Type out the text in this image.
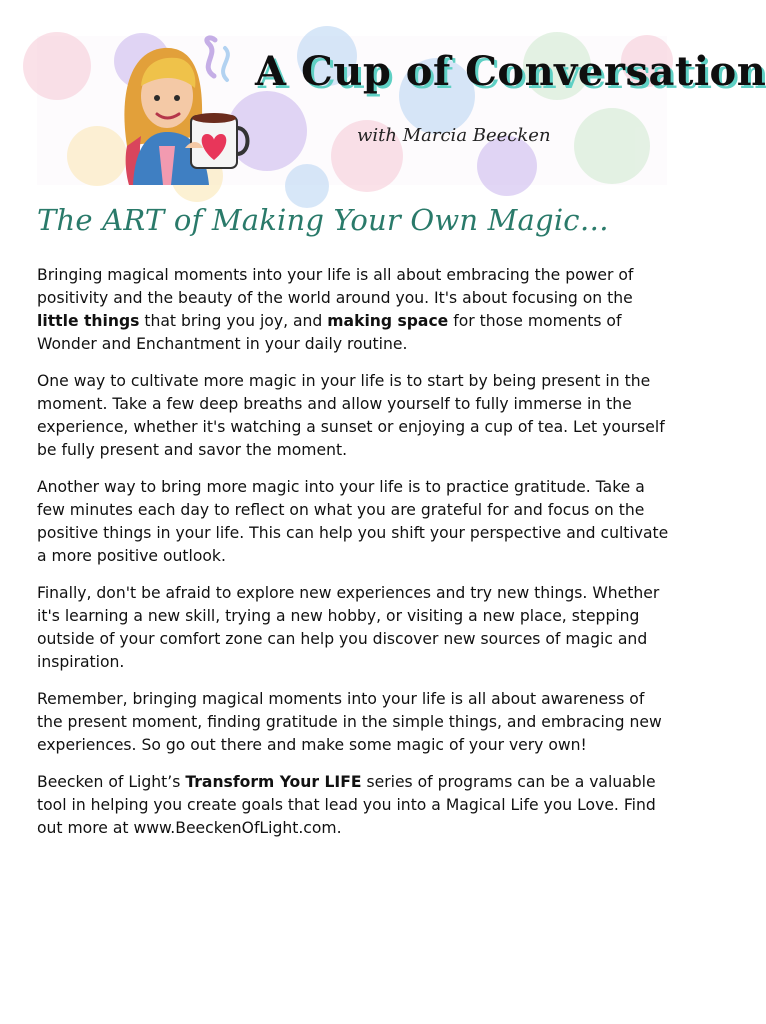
A Cup of Conversation

with Marcia Beecken

The ART of Making Your Own Magic…

Bringing magical moments into your life is all about embracing the power of positivity and the beauty of the world around you. It's about focusing on the little things that bring you joy, and making space for those moments of Wonder and Enchantment in your daily routine.

One way to cultivate more magic in your life is to start by being present in the moment. Take a few deep breaths and allow yourself to fully immerse in the experience, whether it's watching a sunset or enjoying a cup of tea. Let yourself be fully present and savor the moment.

Another way to bring more magic into your life is to practice gratitude. Take a few minutes each day to reflect on what you are grateful for and focus on the positive things in your life. This can help you shift your perspective and cultivate a more positive outlook.

Finally, don't be afraid to explore new experiences and try new things. Whether it's learning a new skill, trying a new hobby, or visiting a new place, stepping outside of your comfort zone can help you discover new sources of magic and inspiration.

Remember, bringing magical moments into your life is all about awareness of the present moment, finding gratitude in the simple things, and embracing new experiences. So go out there and make some magic of your very own!

Beecken of Light’s Transform Your LIFE series of programs can be a valuable tool in helping you create goals that lead you into a Magical Life you Love. Find out more at www.BeeckenOfLight.com.
